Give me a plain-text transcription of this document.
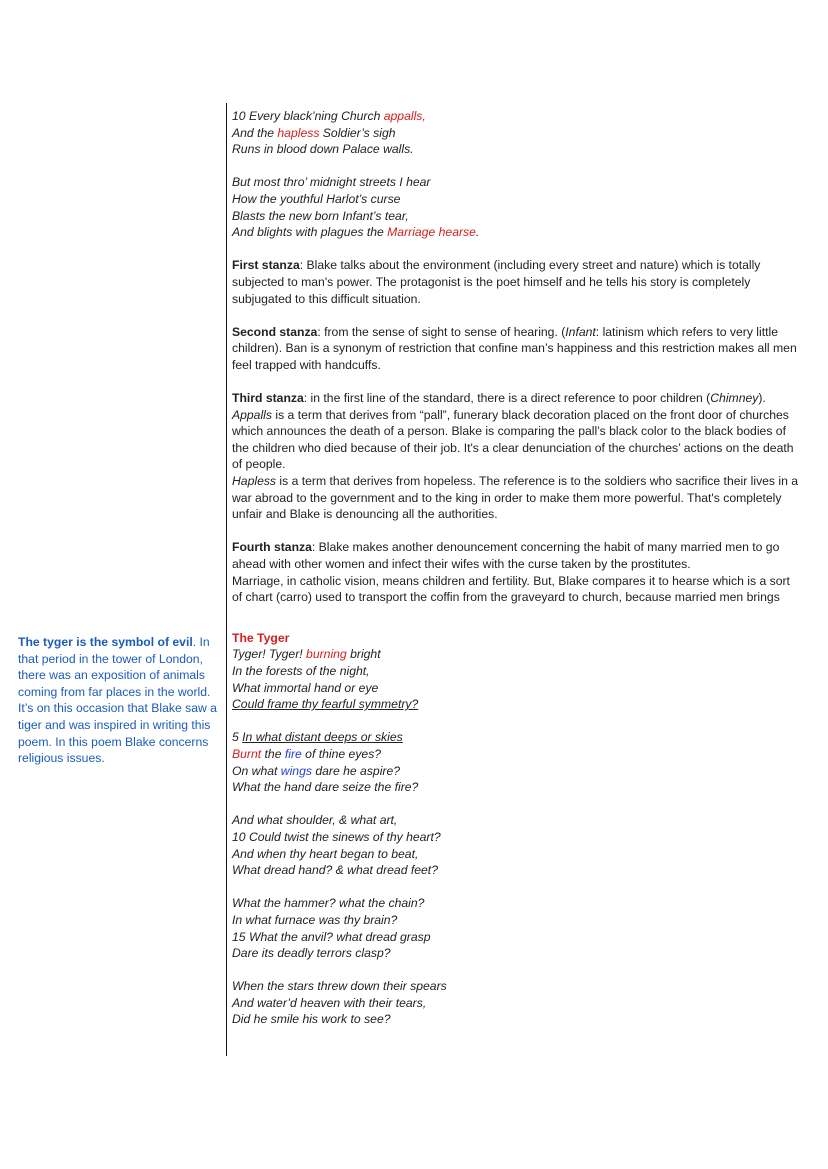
10 Every black’ning Church appalls,
And the hapless Soldier’s sigh
Runs in blood down Palace walls.
But most thro’ midnight streets I hear
How the youthful Harlot’s curse
Blasts the new born Infant’s tear,
And blights with plagues the Marriage hearse.

First stanza: Blake talks about the environment (including every street and nature) which is totally subjected to man's power. The protagonist is the poet himself and he tells his story is completely subjugated to this difficult situation.

Second stanza: from the sense of sight to sense of hearing. (Infant: latinism which refers to very little children). Ban is a synonym of restriction that confine man’s happiness and this restriction makes all men feel trapped with handcuffs.

Third stanza: in the first line of the standard, there is a direct reference to poor children (Chimney).

Appalls is a term that derives from “pall”, funerary black decoration placed on the front door of churches which announces the death of a person. Blake is comparing the pall’s black color to the black bodies of the children who died because of their job. It's a clear denunciation of the churches’ actions on the death of people.

Hapless is a term that derives from hopeless. The reference is to the soldiers who sacrifice their lives in a war abroad to the government and to the king in order to make them more powerful. That's completely unfair and Blake is denouncing all the authorities.

Fourth stanza: Blake makes another denouncement concerning the habit of many married men to go ahead with other women and infect their wifes with the curse taken by the prostitutes.

Marriage, in catholic vision, means children and fertility. But, Blake compares it to hearse which is a sort of chart (carro) used to transport the coffin from the graveyard to church, because married men brings

The Tyger
Tyger! Tyger! burning bright
In the forests of the night,
What immortal hand or eye
Could frame thy fearful symmetry?
5 In what distant deeps or skies
Burnt the fire of thine eyes?
On what wings dare he aspire?
What the hand dare seize the fire?
And what shoulder, & what art,
10 Could twist the sinews of thy heart?
And when thy heart began to beat,
What dread hand? & what dread feet?
What the hammer? what the chain?
In what furnace was thy brain?
15 What the anvil? what dread grasp
Dare its deadly terrors clasp?
When the stars threw down their spears
And water’d heaven with their tears,
Did he smile his work to see?
The tyger is the symbol of evil. In that period in the tower of London, there was an exposition of animals coming from far places in the world. It’s on this occasion that Blake saw a tiger and was inspired in writing this poem. In this poem Blake concerns religious issues.
